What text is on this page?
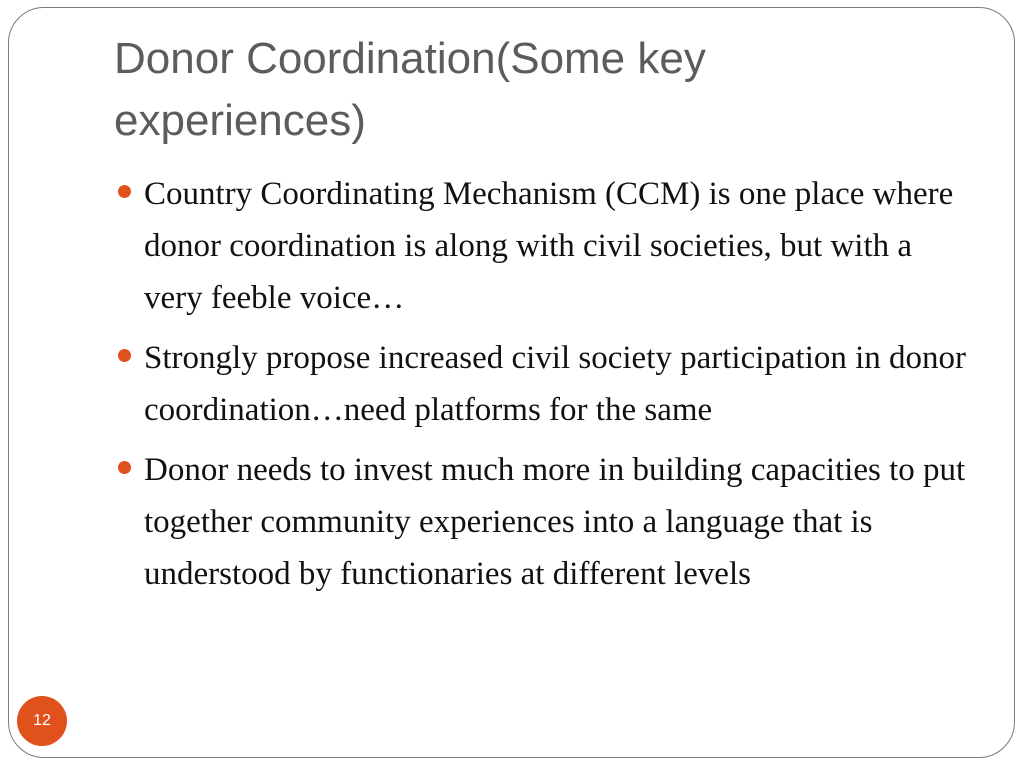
Donor Coordination(Some key experiences)
Country Coordinating Mechanism (CCM) is one place where donor coordination is along with civil societies, but with a very feeble voice…
Strongly propose increased civil society participation in donor coordination…need platforms for the same
Donor needs to invest much more in building capacities to put together community experiences into a language that is understood by functionaries at different levels
12
